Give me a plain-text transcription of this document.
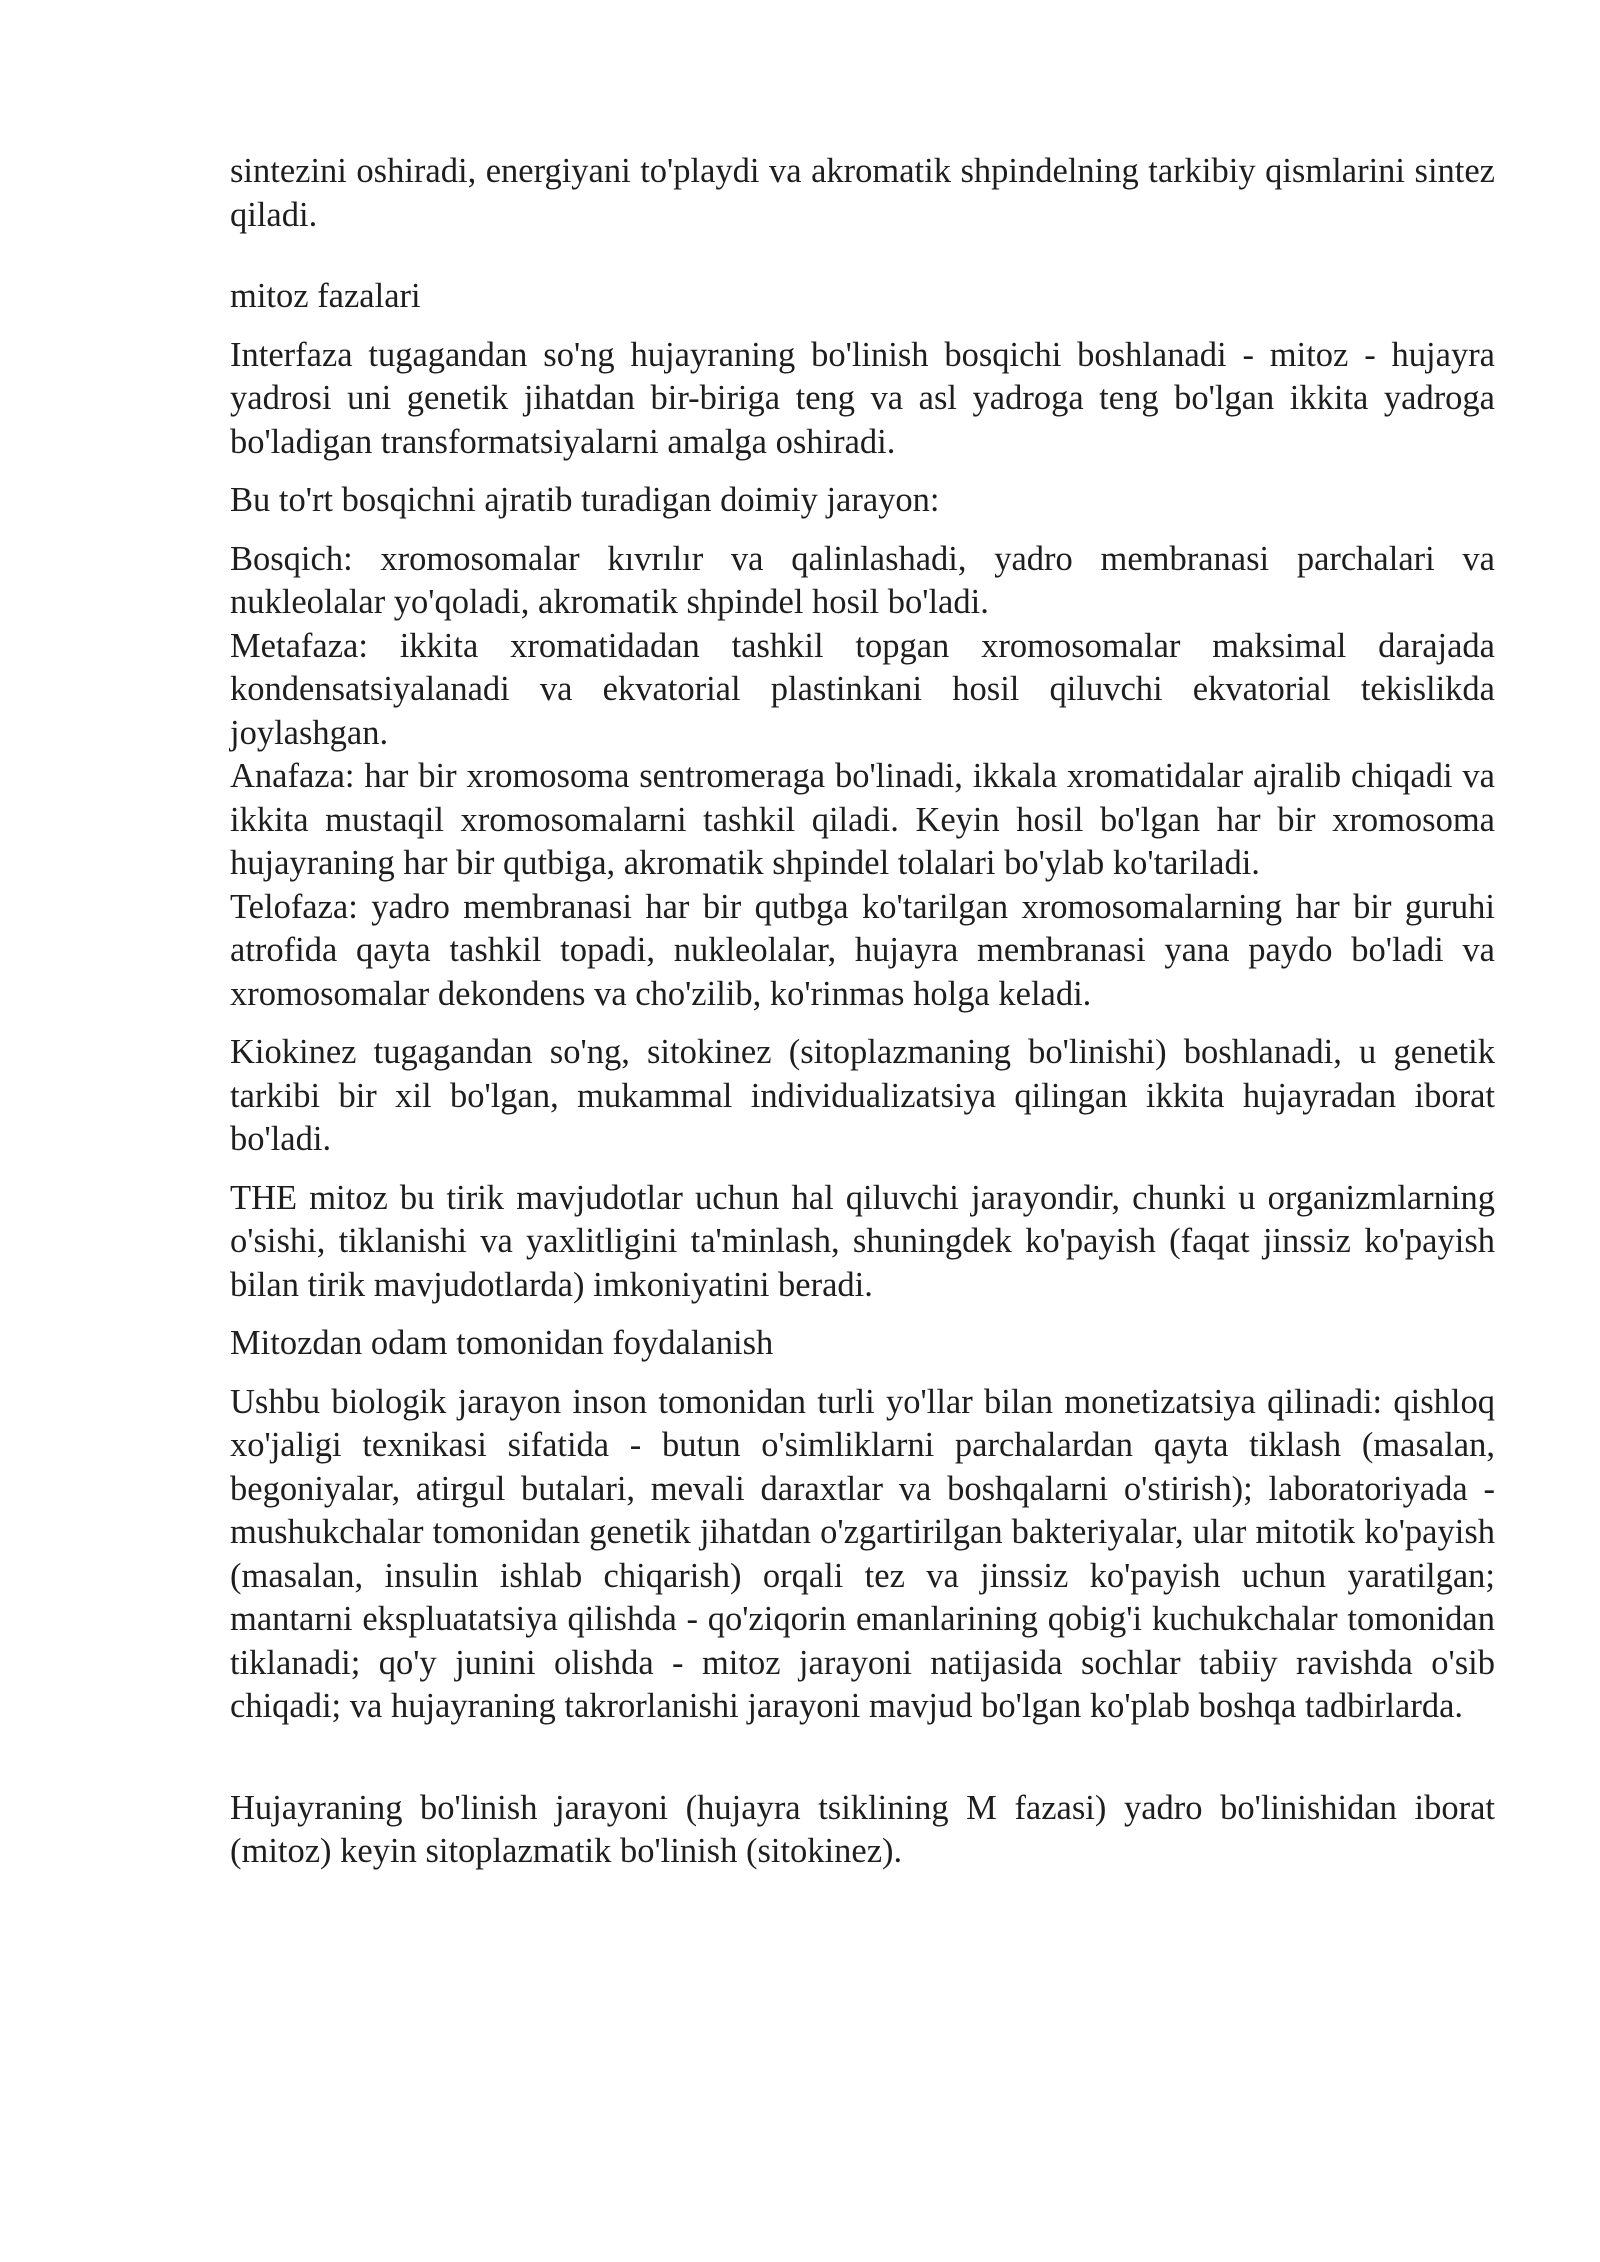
sintezini oshiradi, energiyani to'playdi va akromatik shpindelning tarkibiy qismlarini sintez qiladi.

mitoz fazalari

Interfaza tugagandan so'ng hujayraning bo'linish bosqichi boshlanadi - mitoz - hujayra yadrosi uni genetik jihatdan bir-biriga teng va asl yadroga teng bo'lgan ikkita yadroga bo'ladigan transformatsiyalarni amalga oshiradi.

Bu to'rt bosqichni ajratib turadigan doimiy jarayon:

Bosqich: xromosomalar kıvrılır va qalinlashadi, yadro membranasi parchalari va nukleolalar yo'qoladi, akromatik shpindel hosil bo'ladi.

Metafaza: ikkita xromatidadan tashkil topgan xromosomalar maksimal darajada kondensatsiyalanadi va ekvatorial plastinkani hosil qiluvchi ekvatorial tekislikda joylashgan.

Anafaza: har bir xromosoma sentromeraga bo'linadi, ikkala xromatidalar ajralib chiqadi va ikkita mustaqil xromosomalarni tashkil qiladi. Keyin hosil bo'lgan har bir xromosoma hujayraning har bir qutbiga, akromatik shpindel tolalari bo'ylab ko'tariladi.

Telofaza: yadro membranasi har bir qutbga ko'tarilgan xromosomalarning har bir guruhi atrofida qayta tashkil topadi, nukleolalar, hujayra membranasi yana paydo bo'ladi va xromosomalar dekondens va cho'zilib, ko'rinmas holga keladi.

Kiokinez tugagandan so'ng, sitokinez (sitoplazmaning bo'linishi) boshlanadi, u genetik tarkibi bir xil bo'lgan, mukammal individualizatsiya qilingan ikkita hujayradan iborat bo'ladi.

THE mitoz bu tirik mavjudotlar uchun hal qiluvchi jarayondir, chunki u organizmlarning o'sishi, tiklanishi va yaxlitligini ta'minlash, shuningdek ko'payish (faqat jinssiz ko'payish bilan tirik mavjudotlarda) imkoniyatini beradi.

Mitozdan odam tomonidan foydalanish

Ushbu biologik jarayon inson tomonidan turli yo'llar bilan monetizatsiya qilinadi: qishloq xo'jaligi texnikasi sifatida - butun o'simliklarni parchalardan qayta tiklash (masalan, begoniyalar, atirgul butalari, mevali daraxtlar va boshqalarni o'stirish); laboratoriyada - mushukchalar tomonidan genetik jihatdan o'zgartirilgan bakteriyalar, ular mitotik ko'payish (masalan, insulin ishlab chiqarish) orqali tez va jinssiz ko'payish uchun yaratilgan; mantarni ekspluatatsiya qilishda - qo'ziqorin emanlarining qobig'i kuchukchalar tomonidan tiklanadi; qo'y junini olishda - mitoz jarayoni natijasida sochlar tabiiy ravishda o'sib chiqadi; va hujayraning takrorlanishi jarayoni mavjud bo'lgan ko'plab boshqa tadbirlarda.

Hujayraning bo'linish jarayoni (hujayra tsiklining M fazasi) yadro bo'linishidan iborat (mitoz) keyin sitoplazmatik bo'linish (sitokinez).
